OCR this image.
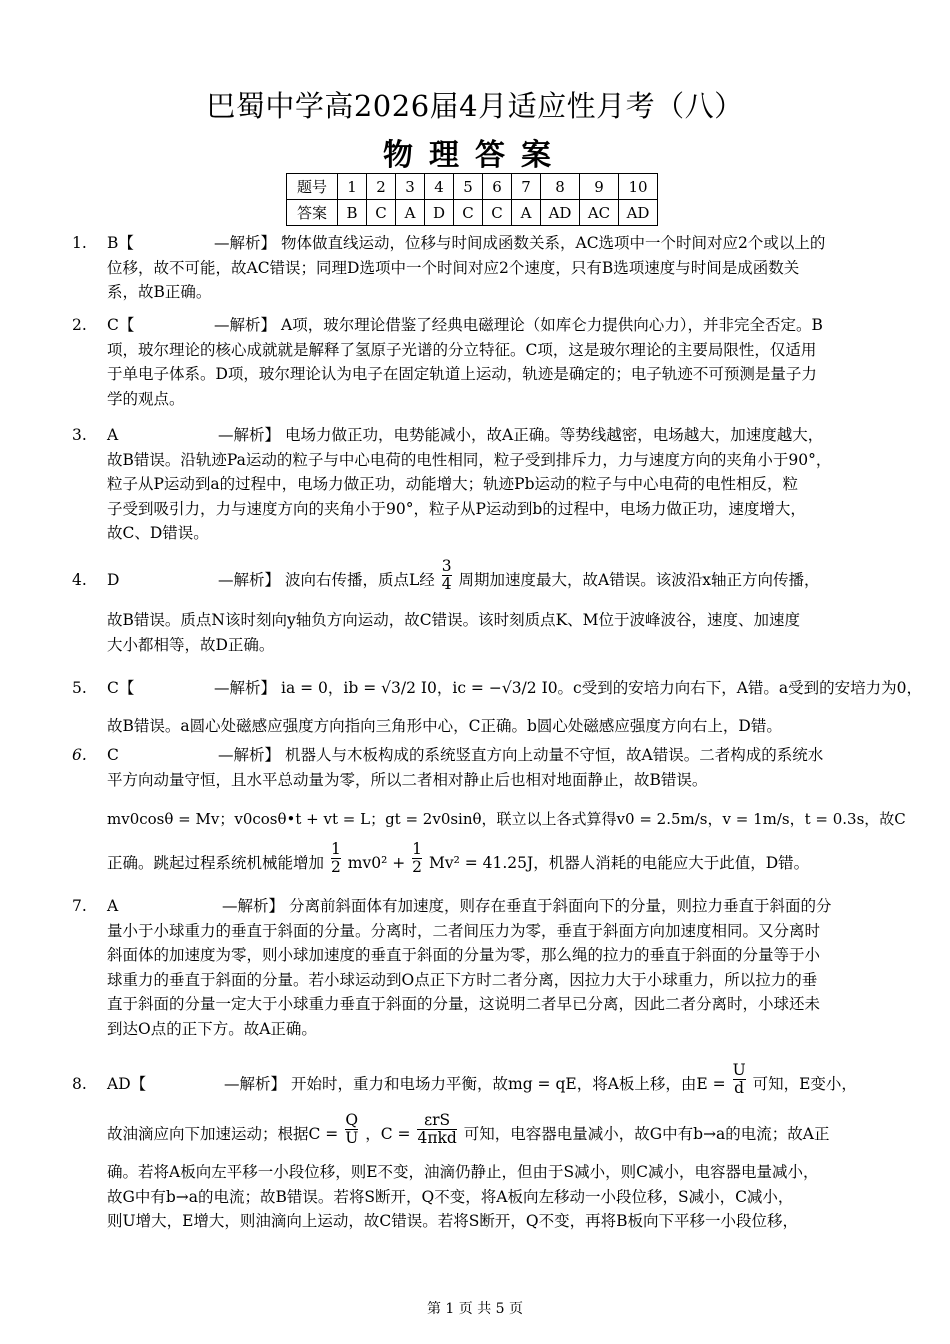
巴蜀中学高2026届4月适应性月考（八）
物理答案
题号	1	2	3	4	5	6	7	8	9	10
答案	B	C	A	D	C	C	A	AD	AC	AD
1. B【	—解析】 物体做直线运动，位移与时间成函数关系，AC选项中一个时间对应2个或以上的
位移，故不可能，故AC错误；同理D选项中一个时间对应2个速度，只有B选项速度与时间是成函数关
系，故B正确。
2. C【	—解析】 A项，玻尔理论借鉴了经典电磁理论（如库仑力提供向心力），并非完全否定。B
项，玻尔理论的核心成就就是解释了氢原子光谱的分立特征。C项，这是玻尔理论的主要局限性，仅适用
于单电子体系。D项，玻尔理论认为电子在固定轨道上运动，轨迹是确定的；电子轨迹不可预测是量子力
学的观点。
3. A	—解析】 电场力做正功，电势能减小，故A正确。等势线越密，电场越大，加速度越大，
故B错误。沿轨迹Pa运动的粒子与中心电荷的电性相同，粒子受到排斥力，力与速度方向的夹角小于90°，
粒子从P运动到a的过程中，电场力做正功，动能增大；轨迹Pb运动的粒子与中心电荷的电性相反，粒
子受到吸引力，力与速度方向的夹角小于90°，粒子从P运动到b的过程中，电场力做正功，速度增大，
故C、D错误。
4. D	—解析】 波向右传播，质点L经 $\frac{3}{4}$ 周期加速度最大，故A错误。该波沿x轴正方向传播，
故B错误。质点N该时刻向y轴负方向运动，故C错误。该时刻质点K、M位于波峰波谷，速度、加速度
大小都相等，故D正确。
5. C【	—解析】 ia = 0，ib = √3/2 I0，ic = −√3/2 I0。c受到的安培力向右下，A错。a受到的安培力为0，
故B错误。a圆心处磁感应强度方向指向三角形中心，C正确。b圆心处磁感应强度方向右上，D错。
6. C	—解析】 机器人与木板构成的系统竖直方向上动量不守恒，故A错误。二者构成的系统水
平方向动量守恒，且水平总动量为零，所以二者相对静止后也相对地面静止，故B错误。
mv0cosθ = Mv；v0cosθ•t + vt = L；gt = 2v0sinθ，联立以上各式算得v0 = 2.5m/s，v = 1m/s，t = 0.3s，故C
正确。跳起过程系统机械能增加 $\frac{1}{2} mv0^2 + \frac{1}{2} Mv^2 = 41.25J$，机器人消耗的电能应大于此值，D错。
7. A	—解析】 分离前斜面体有加速度，则存在垂直于斜面向下的分量，则拉力垂直于斜面的分
量小于小球重力的垂直于斜面的分量。分离时，二者间压力为零，垂直于斜面方向加速度相同。又分离时
斜面体的加速度为零，则小球加速度的垂直于斜面的分量为零，那么绳的拉力的垂直于斜面的分量等于小
球重力的垂直于斜面的分量。若小球运动到O点正下方时二者分离，因拉力大于小球重力，所以拉力的垂
直于斜面的分量一定大于小球重力垂直于斜面的分量，这说明二者早已分离，因此二者分离时，小球还未
到达O点的正下方。故A正确。
8. AD【	—解析】 开始时，重力和电场力平衡，故mg = qE，将A板上移，由$E = \frac{U}{d}$ 可知，E变小，
故油滴应向下加速运动；根据$C = \frac{Q}{U}$ ，$C = \frac{\text{εrS}}{\text{4πkd}}$ 可知，电容器电量减小，故G中有b→a的电流；故A正
确。若将A板向左平移一小段位移，则E不变，油滴仍静止，但由于S减小，则C减小，电容器电量减小，
故G中有b→a的电流；故B错误。若将S断开，Q不变，将A板向左移动一小段位移，S减小，C减小，
则U增大，E增大，则油滴向上运动，故C错误。若将S断开，Q不变，再将B板向下平移一小段位移，
第 1 页 共 5 页
